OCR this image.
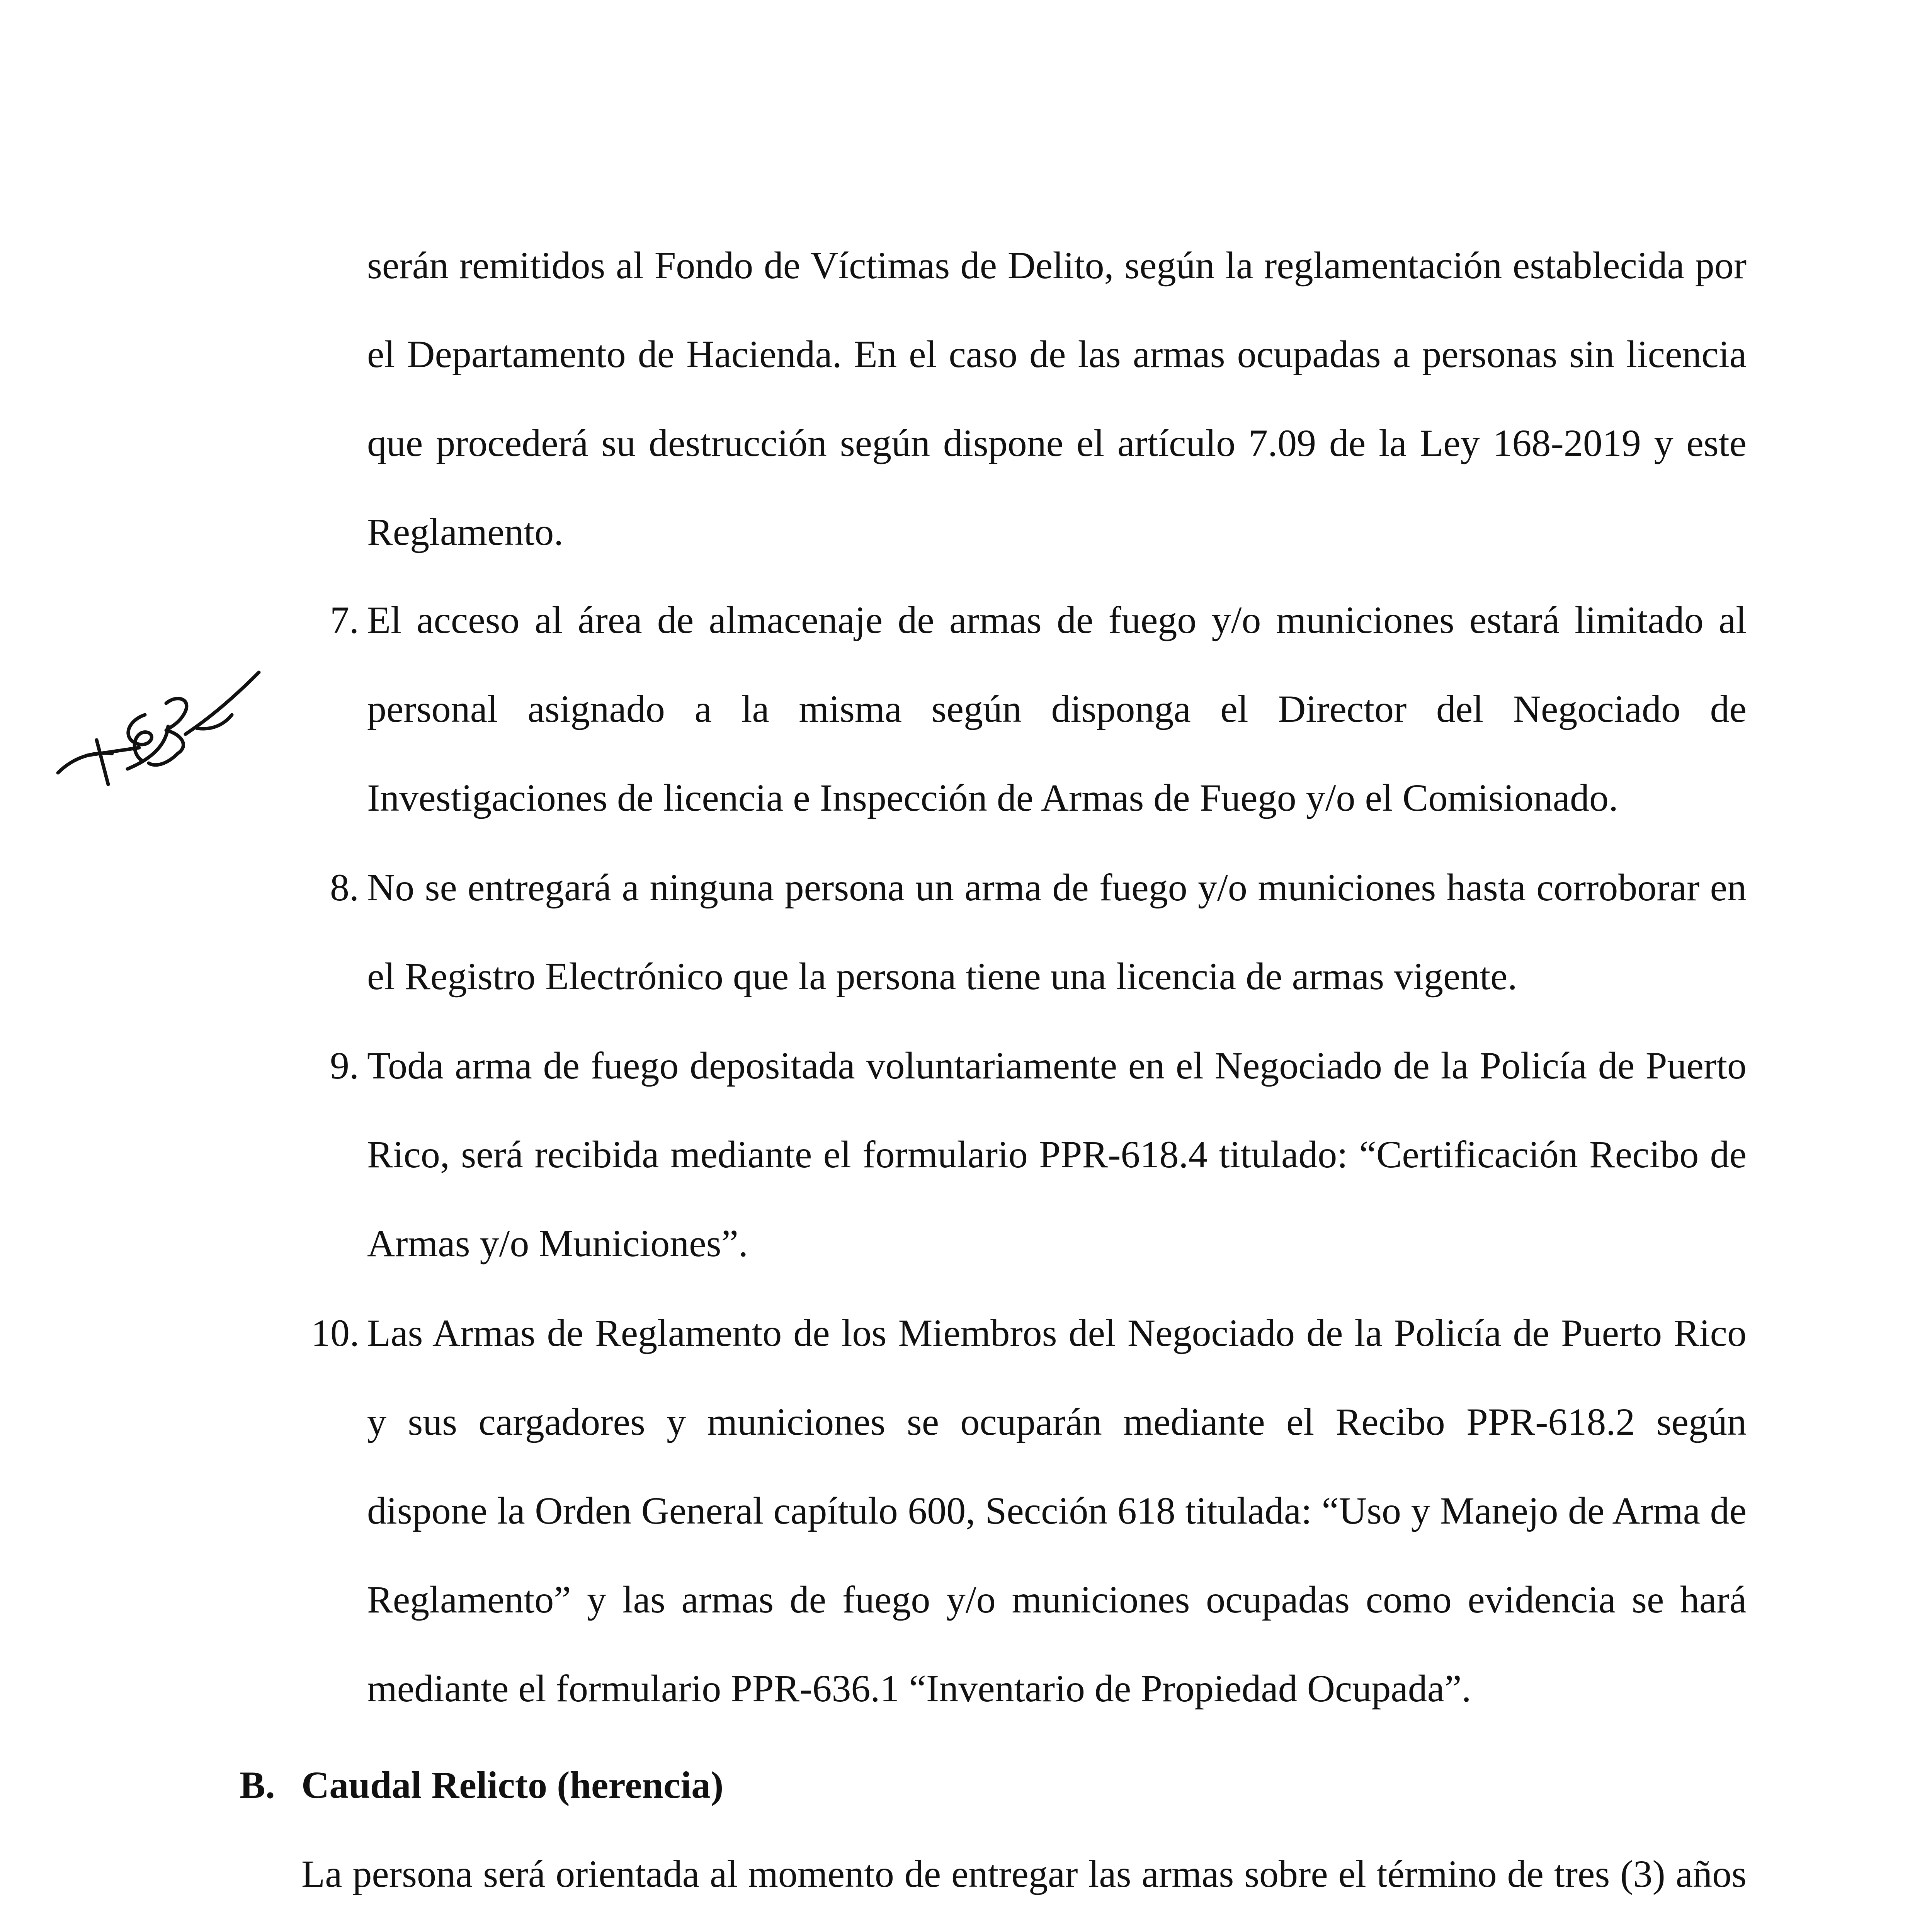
serán remitidos al Fondo de Víctimas de Delito, según la reglamentación establecida por el Departamento de Hacienda. En el caso de las armas ocupadas a personas sin licencia que procederá su destrucción según dispone el artículo 7.09 de la Ley 168-2019 y este Reglamento.

7. El acceso al área de almacenaje de armas de fuego y/o municiones estará limitado al personal asignado a la misma según disponga el Director del Negociado de Investigaciones de licencia e Inspección de Armas de Fuego y/o el Comisionado.
8. No se entregará a ninguna persona un arma de fuego y/o municiones hasta corroborar en el Registro Electrónico que la persona tiene una licencia de armas vigente.
9. Toda arma de fuego depositada voluntariamente en el Negociado de la Policía de Puerto Rico, será recibida mediante el formulario PPR-618.4 titulado: “Certificación Recibo de Armas y/o Municiones”.
10. Las Armas de Reglamento de los Miembros del Negociado de la Policía de Puerto Rico y sus cargadores y municiones se ocuparán mediante el Recibo PPR-618.2 según dispone la Orden General capítulo 600, Sección 618 titulada: “Uso y Manejo de Arma de Reglamento” y las armas de fuego y/o municiones ocupadas como evidencia se hará mediante el formulario PPR-636.1 “Inventario de Propiedad Ocupada”.
B. Caudal Relicto (herencia)

La persona será orientada al momento de entregar las armas sobre el término de tres (3) años
